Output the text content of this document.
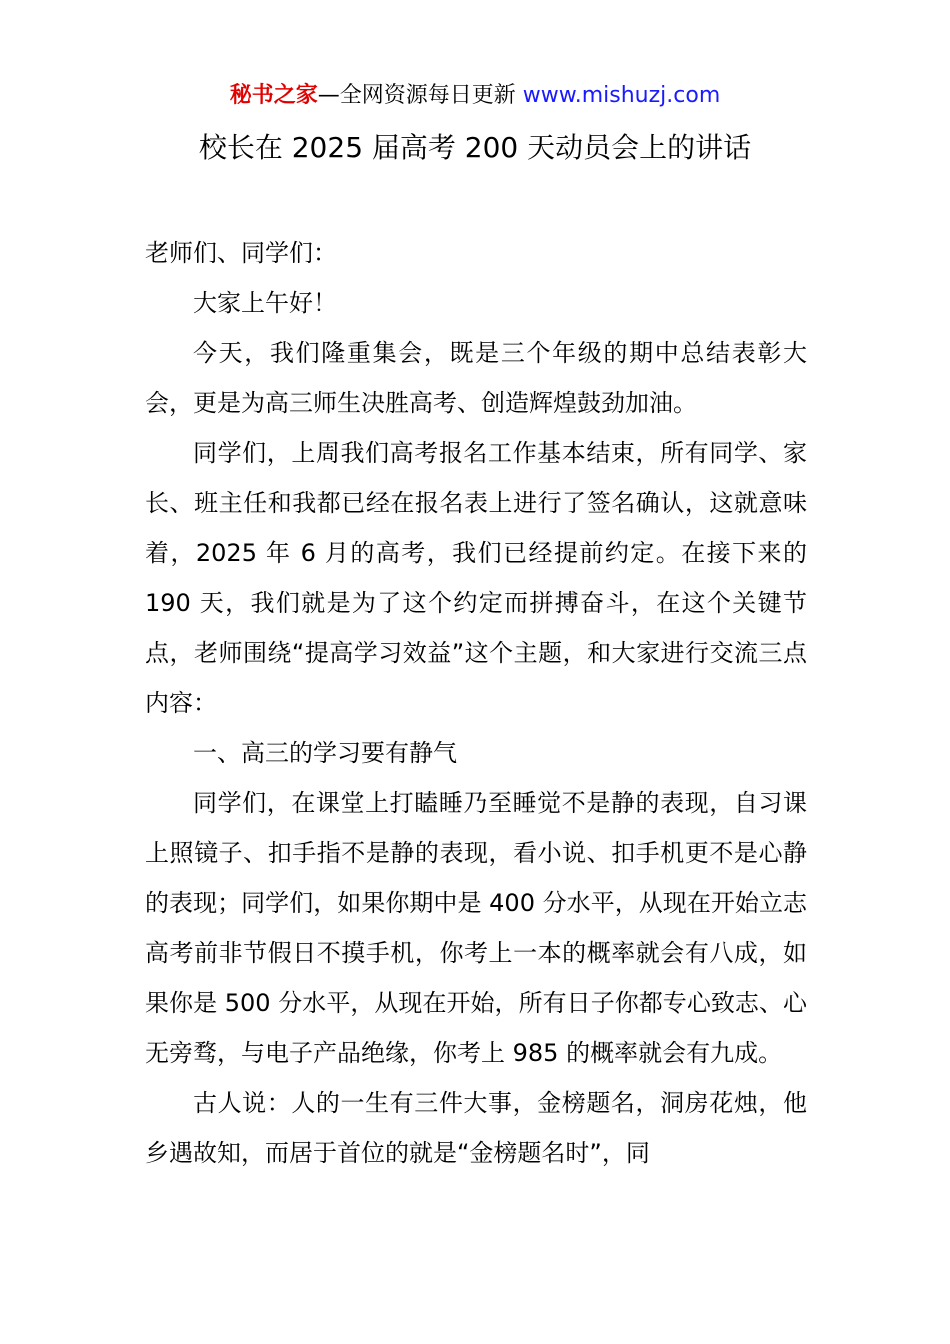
秘书之家—全网资源每日更新 www.mishuzj.com
校长在 2025 届高考 200 天动员会上的讲话

老师们、同学们：

大家上午好！

今天，我们隆重集会，既是三个年级的期中总结表彰大会，更是为高三师生决胜高考、创造辉煌鼓劲加油。

同学们，上周我们高考报名工作基本结束，所有同学、家长、班主任和我都已经在报名表上进行了签名确认，这就意味着，2025 年 6 月的高考，我们已经提前约定。在接下来的 190 天，我们就是为了这个约定而拼搏奋斗，在这个关键节点，老师围绕“提高学习效益”这个主题，和大家进行交流三点内容：

一、高三的学习要有静气

同学们，在课堂上打瞌睡乃至睡觉不是静的表现，自习课上照镜子、扣手指不是静的表现，看小说、扣手机更不是心静的表现；同学们，如果你期中是 400 分水平，从现在开始立志高考前非节假日不摸手机，你考上一本的概率就会有八成，如果你是 500 分水平，从现在开始，所有日子你都专心致志、心无旁骛，与电子产品绝缘，你考上 985 的概率就会有九成。

古人说：人的一生有三件大事，金榜题名，洞房花烛，他乡遇故知，而居于首位的就是“金榜题名时”，同
